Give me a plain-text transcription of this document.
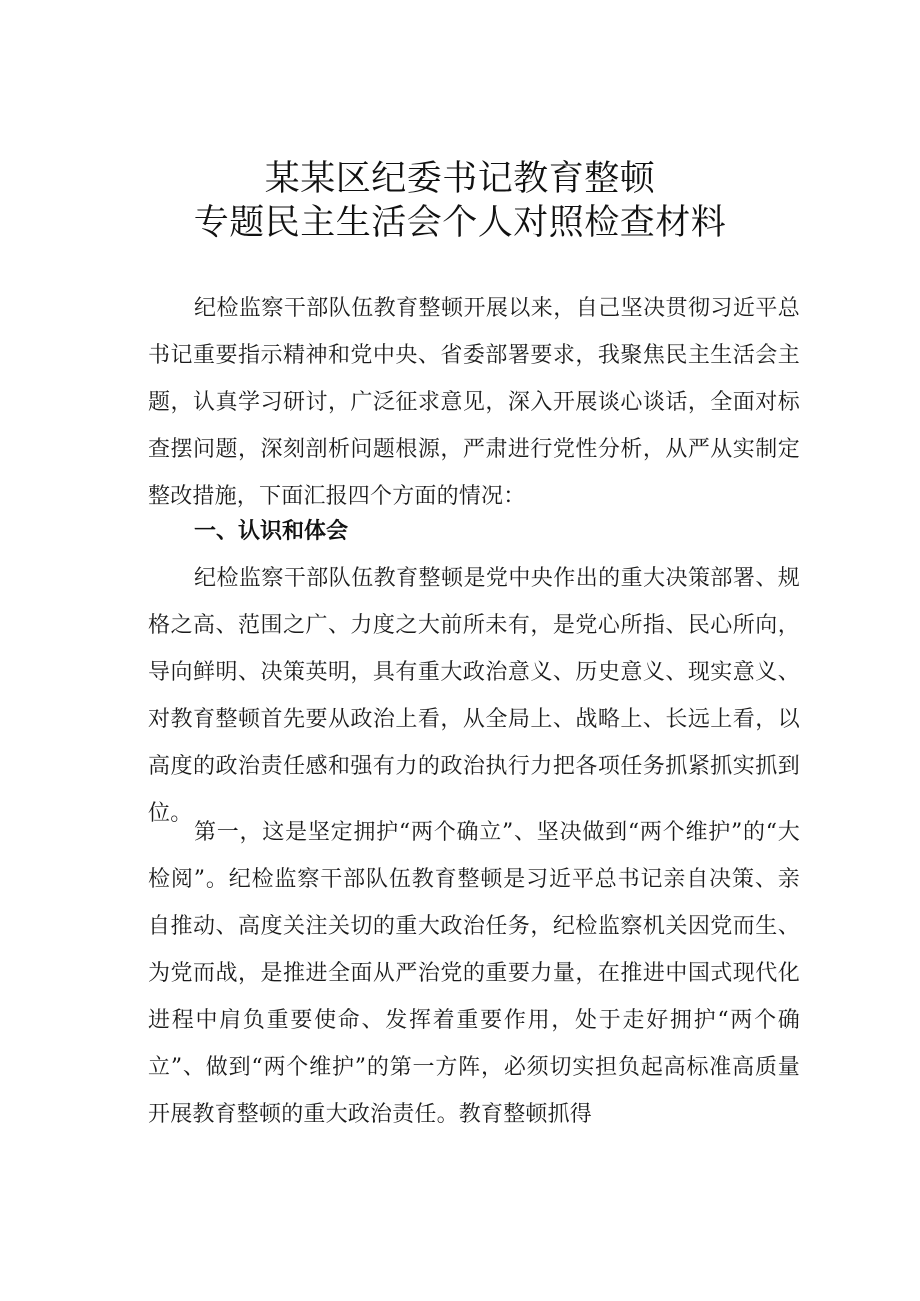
某某区纪委书记教育整顿
专题民主生活会个人对照检查材料

纪检监察干部队伍教育整顿开展以来，自己坚决贯彻习近平总书记重要指示精神和党中央、省委部署要求，我聚焦民主生活会主题，认真学习研讨，广泛征求意见，深入开展谈心谈话，全面对标查摆问题，深刻剖析问题根源，严肃进行党性分析，从严从实制定整改措施，下面汇报四个方面的情况：

一、认识和体会

纪检监察干部队伍教育整顿是党中央作出的重大决策部署、规格之高、范围之广、力度之大前所未有，是党心所指、民心所向，导向鲜明、决策英明，具有重大政治意义、历史意义、现实意义、对教育整顿首先要从政治上看，从全局上、战略上、长远上看，以高度的政治责任感和强有力的政治执行力把各项任务抓紧抓实抓到位。

第一，这是坚定拥护“两个确立”、坚决做到“两个维护”的“大检阅”。纪检监察干部队伍教育整顿是习近平总书记亲自决策、亲自推动、高度关注关切的重大政治任务，纪检监察机关因党而生、为党而战，是推进全面从严治党的重要力量，在推进中国式现代化进程中肩负重要使命、发挥着重要作用，处于走好拥护“两个确立”、做到“两个维护”的第一方阵，必须切实担负起高标准高质量开展教育整顿的重大政治责任。教育整顿抓得
